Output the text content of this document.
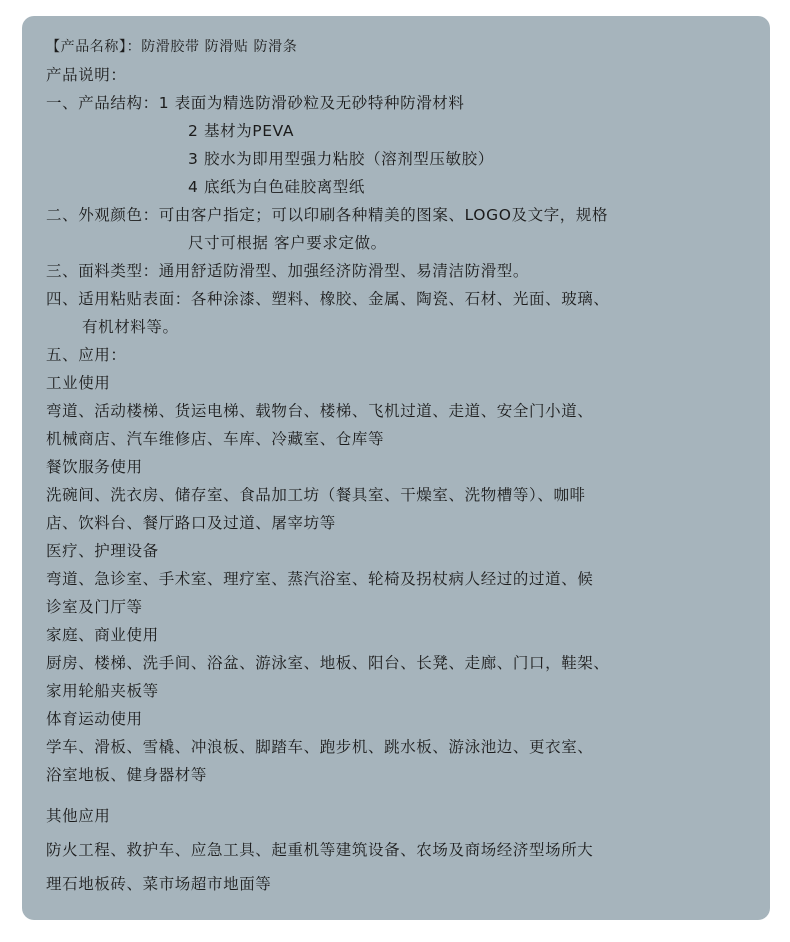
【产品名称】：防滑胶带 防滑贴 防滑条
产品说明：
一、产品结构：1 表面为精选防滑砂粒及无砂特种防滑材料
2 基材为PEVA
3 胶水为即用型强力粘胶（溶剂型压敏胶）
4 底纸为白色硅胶离型纸
二、外观颜色：可由客户指定；可以印刷各种精美的图案、LOGO及文字，规格
尺寸可根据 客户要求定做。
三、面料类型：通用舒适防滑型、加强经济防滑型、易清洁防滑型。
四、适用粘贴表面：各种涂漆、塑料、橡胶、金属、陶瓷、石材、光面、玻璃、
有机材料等。
五、应用：
工业使用
弯道、活动楼梯、货运电梯、载物台、楼梯、飞机过道、走道、安全门小道、
机械商店、汽车维修店、车库、冷藏室、仓库等
餐饮服务使用
洗碗间、洗衣房、储存室、食品加工坊（餐具室、干燥室、洗物槽等）、咖啡
店、饮料台、餐厅路口及过道、屠宰坊等
医疗、护理设备
弯道、急诊室、手术室、理疗室、蒸汽浴室、轮椅及拐杖病人经过的过道、候
诊室及门厅等
家庭、商业使用
厨房、楼梯、洗手间、浴盆、游泳室、地板、阳台、长凳、走廊、门口，鞋架、
家用轮船夹板等
体育运动使用
学车、滑板、雪橇、冲浪板、脚踏车、跑步机、跳水板、游泳池边、更衣室、
浴室地板、健身器材等
其他应用
防火工程、救护车、应急工具、起重机等建筑设备、农场及商场经济型场所大
理石地板砖、菜市场超市地面等
